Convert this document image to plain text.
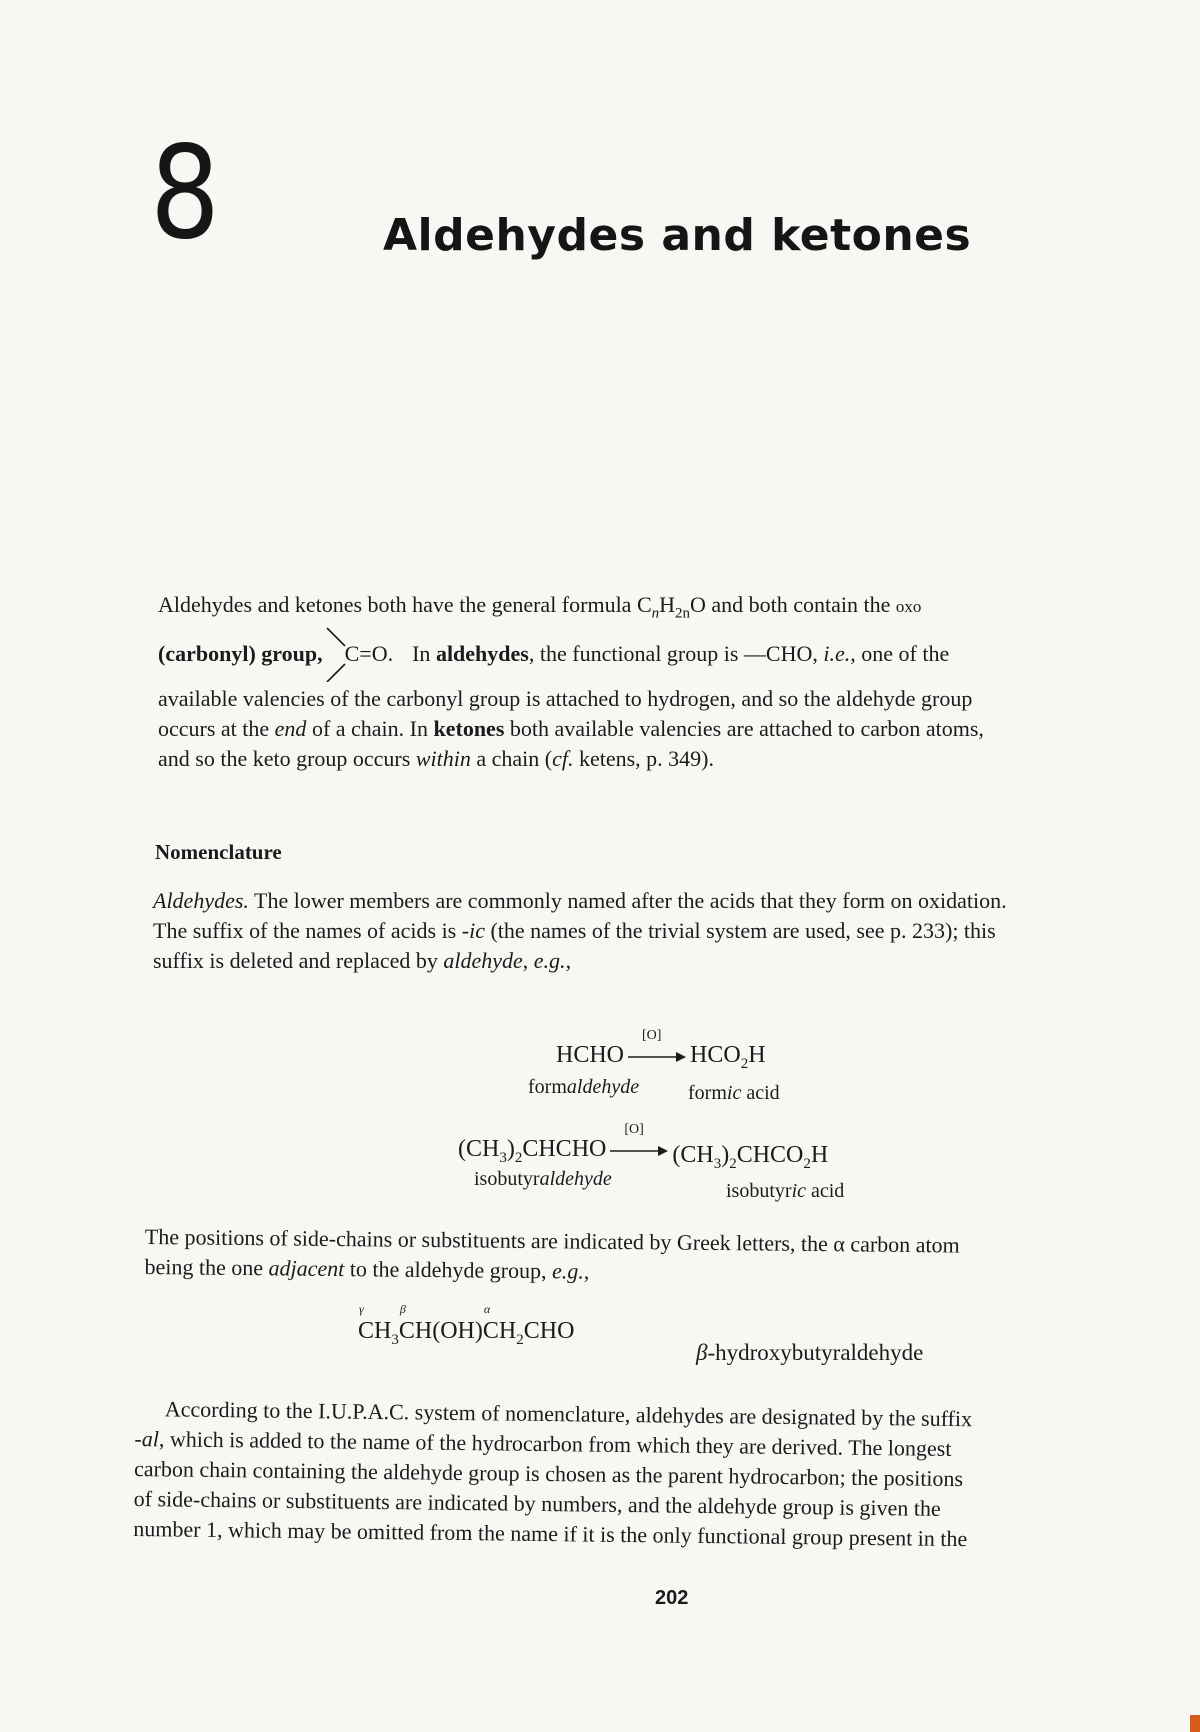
8	Aldehydes and ketones
Aldehydes and ketones both have the general formula $C_nH_{2n}O$ and both contain the oxo
(carbonyl) group, C=O. In aldehydes , the functional group is —CHO, i.e. , one of the
available valencies of the carbonyl group is attached to hydrogen, and so the aldehyde group
occurs at the end of a chain. In ketones both available valencies are attached to carbon atoms,
and so the keto group occurs within a chain (cf. ketens, p. 349).
Nomenclature
Aldehydes. The lower members are commonly named after the acids that they form on oxidation.
The suffix of the names of acids is -ic (the names of the trivial system are used, see p. 233); this
suffix is deleted and replaced by aldehyde, e.g.,
HCHO
[O]
$HCO_2H$
formaldehyde formic acid
$(CH_3)_2CHCHO$
[O]
$(CH_3)_2CHCO_2H$
isobutyraldehyde
isobutyric acid
The positions of side-chains or substituents are indicated by Greek letters, the α carbon atom
being the one adjacent to the aldehyde group, e.g.,
γ
$CH_3$
β
CH(OH)
α
$CH_2CHO$
β-hydroxybutyraldehyde
According to the I.U.P.A.C. system of nomenclature, aldehydes are designated by the suffix
-al, which is added to the name of the hydrocarbon from which they are derived. The longest
carbon chain containing the aldehyde group is chosen as the parent hydrocarbon; the positions
of side-chains or substituents are indicated by numbers, and the aldehyde group is given the
number 1, which may be omitted from the name if it is the only functional group present in the
202
